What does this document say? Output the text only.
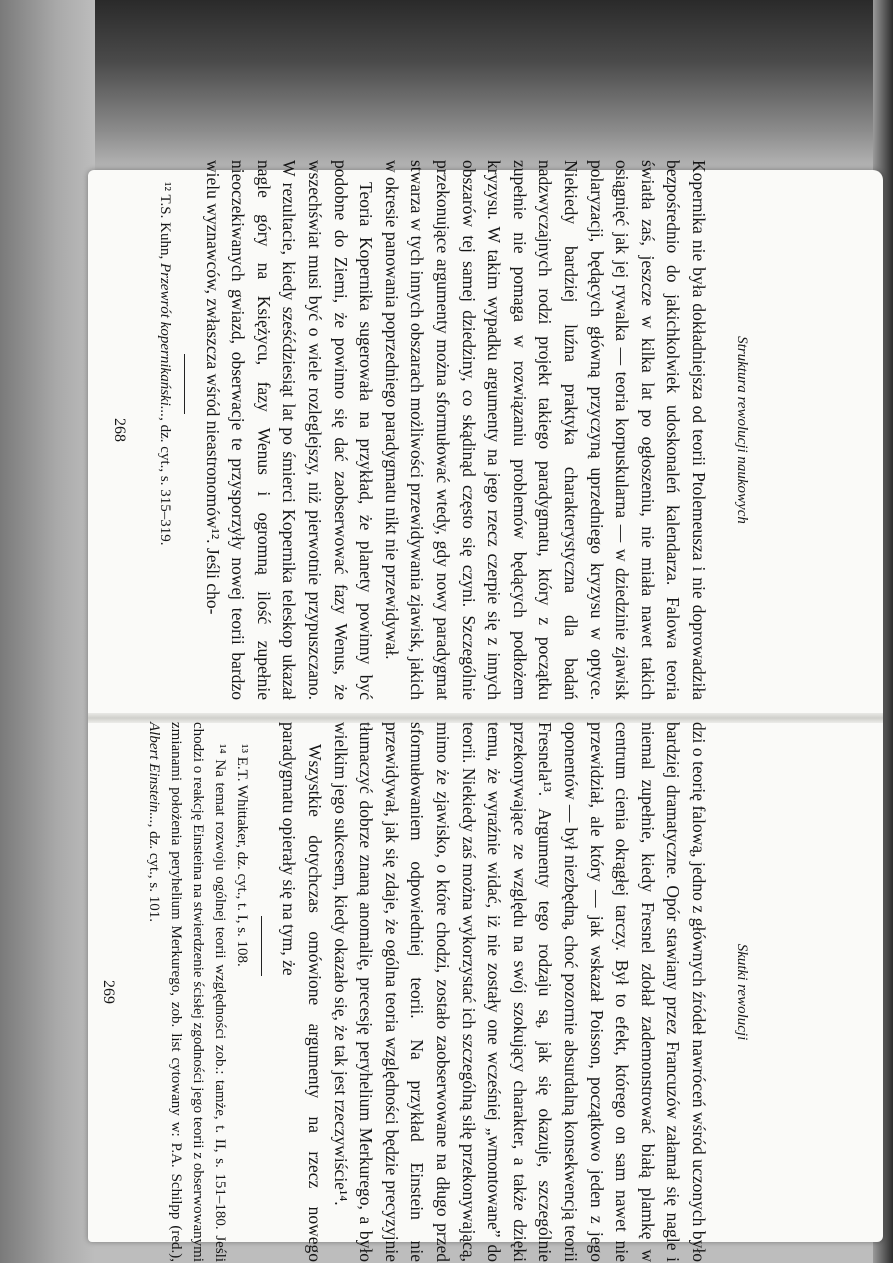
Struktura rewolucji naukowych

Kopernika nie była dokładniejsza od teorii Ptolemeusza i nie doprowadziła bezpośrednio do jakichkolwiek udoskonaleń kalendarza. Falowa teoria światła zaś, jeszcze w kilka lat po ogłoszeniu, nie miała nawet takich osiągnięć jak jej rywalka — teoria korpuskularna — w dziedzinie zjawisk polaryzacji, będących główną przyczyną uprzedniego kryzysu w optyce. Niekiedy bardziej luźna praktyka charakterystyczna dla badań nadzwyczajnych rodzi projekt takiego paradygmatu, który z początku zupełnie nie pomaga w rozwiązaniu problemów będących podłożem kryzysu. W takim wypadku argumenty na jego rzecz czerpie się z innych obszarów tej samej dziedziny, co skądinąd często się czyni. Szczególnie przekonujące argumenty można sformułować wtedy, gdy nowy paradygmat stwarza w tych innych obszarach możliwości przewidywania zjawisk, jakich w okresie panowania poprzedniego paradygmatu nikt nie przewidywał.

Teoria Kopernika sugerowała na przykład, że planety powinny być podobne do Ziemi, że powinno się dać zaobserwować fazy Wenus, że wszechświat musi być o wiele rozleglejszy, niż pierwotnie przypuszczano. W rezultacie, kiedy sześćdziesiąt lat po śmierci Kopernika teleskop ukazał nagle góry na Księżycu, fazy Wenus i ogromną ilość zupełnie nieoczekiwanych gwiazd, obserwacje te przysporzyły nowej teorii bardzo wielu wyznawców, zwłaszcza wśród nieastronomów¹². Jeśli cho-

¹² T.S. Kuhn, Przewrót kopernikański..., dz. cyt., s. 315–319.

268
Skutki rewolucji

dzi o teorię falową, jedno z głównych źródeł nawróceń wśród uczonych było bardziej dramatyczne. Opór stawiany przez Francuzów załamał się nagle i niemal zupełnie, kiedy Fresnel zdołał zademonstrować białą plamkę w centrum cienia okrągłej tarczy. Był to efekt, którego on sam nawet nie przewidział, ale który — jak wskazał Poisson, początkowo jeden z jego oponentów — był niezbędną, choć pozornie absurdalną konsekwencją teorii Fresnela¹³. Argumenty tego rodzaju są, jak się okazuje, szczególnie przekonywające ze względu na swój szokujący charakter, a także dzięki temu, że wyraźnie widać, iż nie zostały one wcześniej „wmontowane” do teorii. Niekiedy zaś można wykorzystać ich szczególną siłę przekonywającą, mimo że zjawisko, o które chodzi, zostało zaobserwowane na długo przed sformułowaniem odpowiedniej teorii. Na przykład Einstein nie przewidywał, jak się zdaje, że ogólna teoria względności będzie precyzyjnie tłumaczyć dobrze znaną anomalię, precesję peryhelium Merkurego, a było wielkim jego sukcesem, kiedy okazało się, że tak jest rzeczywiście¹⁴.

Wszystkie dotychczas omówione argumenty na rzecz nowego paradygmatu opierały się na tym, że

¹³ E.T. Whittaker, dz. cyt., t. I, s. 108.

¹⁴ Na temat rozwoju ogólnej teorii względności zob.: tamże, t. II, s. 151–180. Jeśli chodzi o reakcję Einsteina na stwierdzenie ścisłej zgodności jego teorii z obserwowanymi zmianami położenia peryhelium Merkurego, zob. list cytowany w: P.A. Schilpp (red.), Albert Einstein..., dz. cyt., s. 101.

269
